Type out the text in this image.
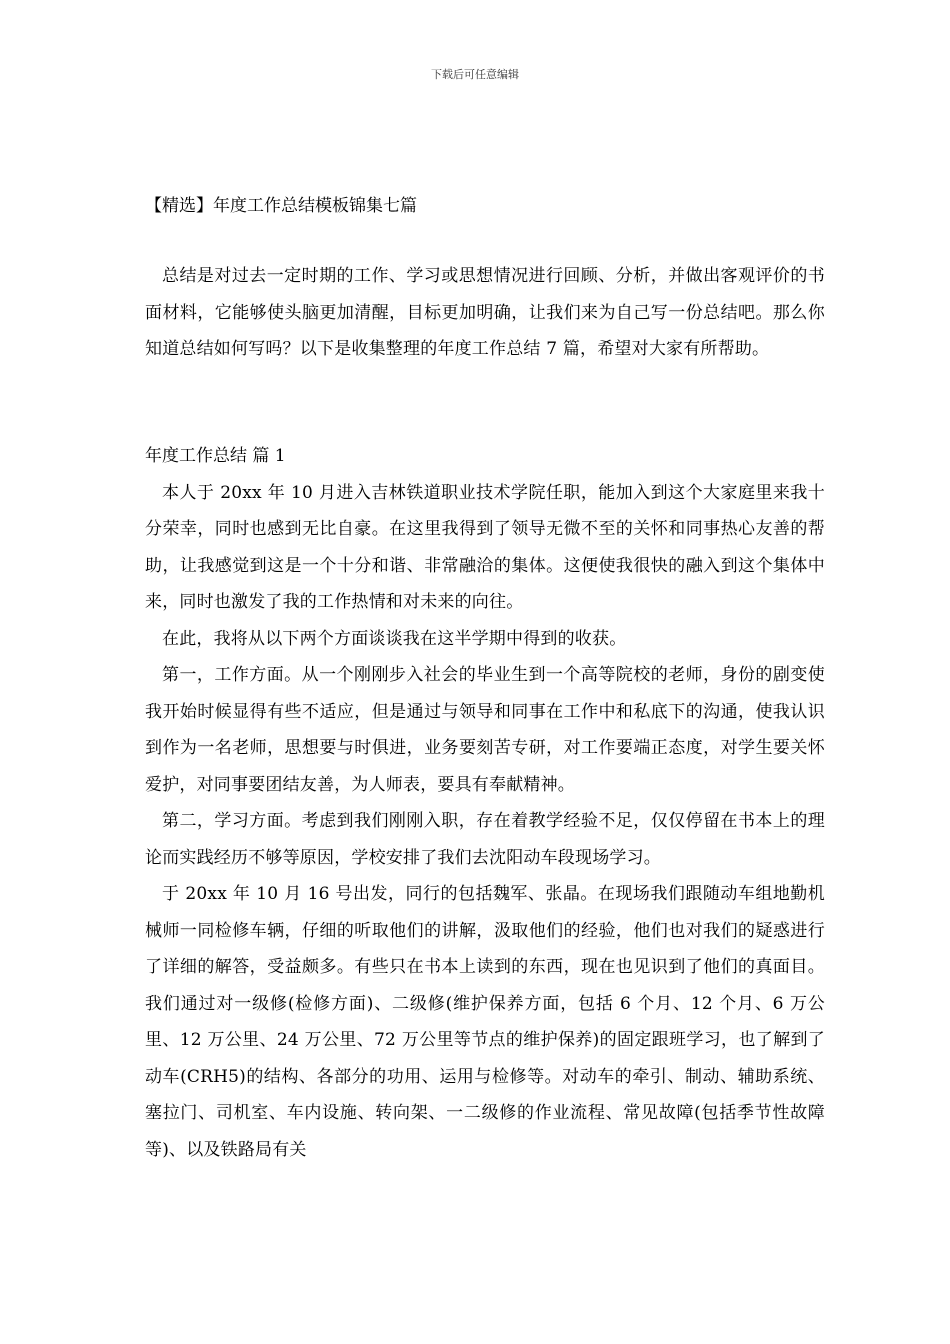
下载后可任意编辑
【精选】年度工作总结模板锦集七篇

总结是对过去一定时期的工作、学习或思想情况进行回顾、分析，并做出客观评价的书面材料，它能够使头脑更加清醒，目标更加明确，让我们来为自己写一份总结吧。那么你知道总结如何写吗？以下是收集整理的年度工作总结 7 篇，希望对大家有所帮助。

年度工作总结 篇 1

本人于 20xx 年 10 月进入吉林铁道职业技术学院任职，能加入到这个大家庭里来我十分荣幸，同时也感到无比自豪。在这里我得到了领导无微不至的关怀和同事热心友善的帮助，让我感觉到这是一个十分和谐、非常融洽的集体。这便使我很快的融入到这个集体中来，同时也激发了我的工作热情和对未来的向往。

在此，我将从以下两个方面谈谈我在这半学期中得到的收获。

第一，工作方面。从一个刚刚步入社会的毕业生到一个高等院校的老师，身份的剧变使我开始时候显得有些不适应，但是通过与领导和同事在工作中和私底下的沟通，使我认识到作为一名老师，思想要与时俱进，业务要刻苦专研，对工作要端正态度，对学生要关怀爱护，对同事要团结友善，为人师表，要具有奉献精神。

第二，学习方面。考虑到我们刚刚入职，存在着教学经验不足，仅仅停留在书本上的理论而实践经历不够等原因，学校安排了我们去沈阳动车段现场学习。

于 20xx 年 10 月 16 号出发，同行的包括魏军、张晶。在现场我们跟随动车组地勤机械师一同检修车辆，仔细的听取他们的讲解，汲取他们的经验，他们也对我们的疑惑进行了详细的解答，受益颇多。有些只在书本上读到的东西，现在也见识到了他们的真面目。我们通过对一级修(检修方面)、二级修(维护保养方面，包括 6 个月、12 个月、6 万公里、12 万公里、24 万公里、72 万公里等节点的维护保养)的固定跟班学习，也了解到了动车(CRH5)的结构、各部分的功用、运用与检修等。对动车的牵引、制动、辅助系统、塞拉门、司机室、车内设施、转向架、一二级修的作业流程、常见故障(包括季节性故障等)、以及铁路局有关
